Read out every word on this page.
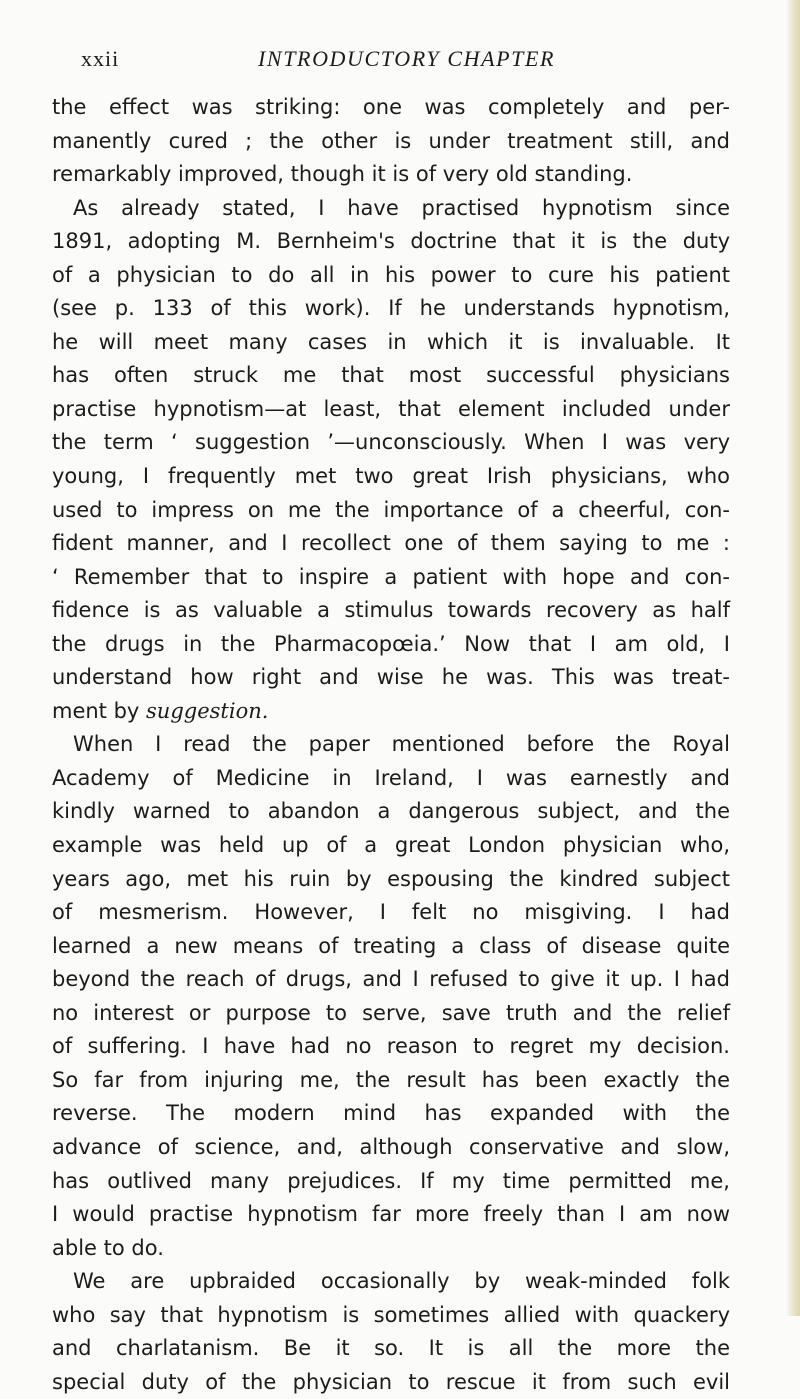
xxii	INTRODUCTORY CHAPTER
the effect was striking: one was completely and per-
manently cured ; the other is under treatment still, and
remarkably improved, though it is of very old standing.
As already stated, I have practised hypnotism since
1891, adopting M. Bernheim's doctrine that it is the duty
of a physician to do all in his power to cure his patient
(see p. 133 of this work). If he understands hypnotism,
he will meet many cases in which it is invaluable. It
has often struck me that most successful physicians
practise hypnotism—at least, that element included under
the term ‘ suggestion ’—unconsciously. When I was very
young, I frequently met two great Irish physicians, who
used to impress on me the importance of a cheerful, con-
fident manner, and I recollect one of them saying to me :
‘ Remember that to inspire a patient with hope and con-
fidence is as valuable a stimulus towards recovery as half
the drugs in the Pharmacopœia.’ Now that I am old, I
understand how right and wise he was. This was treat-
ment by suggestion.
When I read the paper mentioned before the Royal
Academy of Medicine in Ireland, I was earnestly and
kindly warned to abandon a dangerous subject, and the
example was held up of a great London physician who,
years ago, met his ruin by espousing the kindred subject
of mesmerism. However, I felt no misgiving. I had
learned a new means of treating a class of disease quite
beyond the reach of drugs, and I refused to give it up. I had
no interest or purpose to serve, save truth and the relief
of suffering. I have had no reason to regret my decision.
So far from injuring me, the result has been exactly the
reverse. The modern mind has expanded with the
advance of science, and, although conservative and slow,
has outlived many prejudices. If my time permitted me,
I would practise hypnotism far more freely than I am now
able to do.
We are upbraided occasionally by weak-minded folk
who say that hypnotism is sometimes allied with quackery
and charlatanism. Be it so. It is all the more the
special duty of the physician to rescue it from such evil
